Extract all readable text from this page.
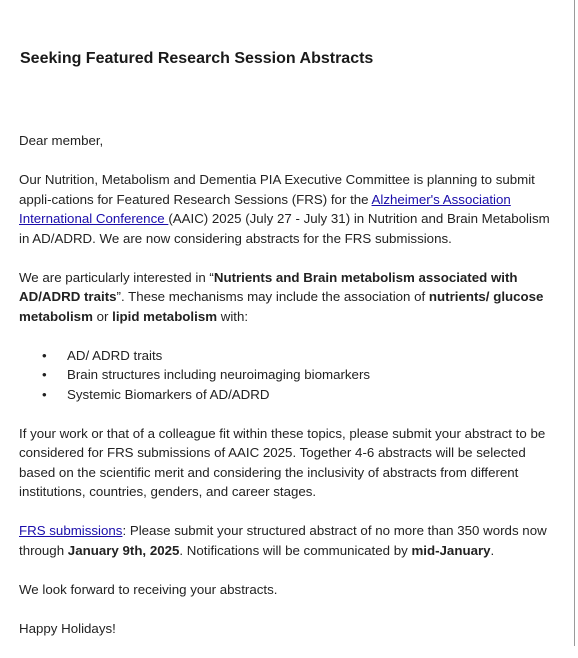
Seeking Featured Research Session Abstracts

Dear member,

Our Nutrition, Metabolism and Dementia PIA Executive Committee is planning to submit appli-cations for Featured Research Sessions (FRS) for the Alzheimer's Association International Conference (AAIC) 2025 (July 27 - July 31) in Nutrition and Brain Metabolism in AD/ADRD. We are now considering abstracts for the FRS submissions.

We are particularly interested in “Nutrients and Brain metabolism associated with AD/ADRD traits”. These mechanisms may include the association of nutrients/ glucose metabolism or lipid metabolism with:

• AD/ ADRD traits
• Brain structures including neuroimaging biomarkers
• Systemic Biomarkers of AD/ADRD

If your work or that of a colleague fit within these topics, please submit your abstract to be considered for FRS submissions of AAIC 2025. Together 4-6 abstracts will be selected based on the scientific merit and considering the inclusivity of abstracts from different institutions, countries, genders, and career stages.

FRS submissions: Please submit your structured abstract of no more than 350 words now through January 9th, 2025. Notifications will be communicated by mid-January.

We look forward to receiving your abstracts.

Happy Holidays!
